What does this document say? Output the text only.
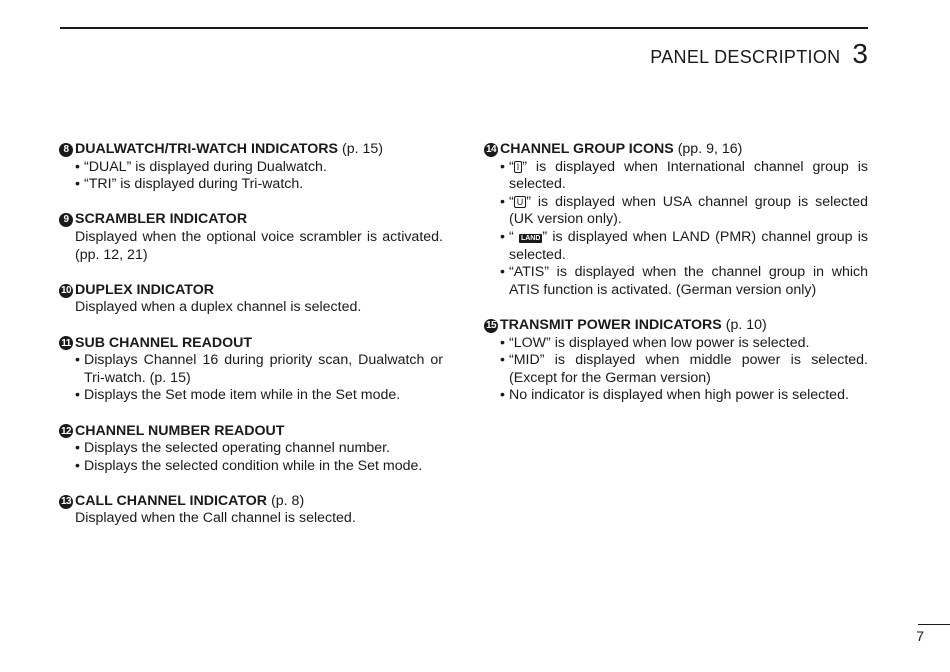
PANEL DESCRIPTION 3
8 DUALWATCH/TRI-WATCH INDICATORS (p. 15)
• “DUAL” is displayed during Dualwatch.
• “TRI” is displayed during Tri-watch.
9 SCRAMBLER INDICATOR
Displayed when the optional voice scrambler is activated. (pp. 12, 21)
10 DUPLEX INDICATOR
Displayed when a duplex channel is selected.
11 SUB CHANNEL READOUT
• Displays Channel 16 during priority scan, Dualwatch or Tri-watch. (p. 15)
• Displays the Set mode item while in the Set mode.
12 CHANNEL NUMBER READOUT
• Displays the selected operating channel number.
• Displays the selected condition while in the Set mode.
13 CALL CHANNEL INDICATOR (p. 8)
Displayed when the Call channel is selected.
14 CHANNEL GROUP ICONS (pp. 9, 16)
• “ I ” is displayed when International channel group is selected.
• “ U ” is displayed when USA channel group is selected (UK version only).
• “ LAND ” is displayed when LAND (PMR) channel group is selected.
• “ATIS” is displayed when the channel group in which ATIS function is activated. (German version only)
15 TRANSMIT POWER INDICATORS (p. 10)
• “LOW” is displayed when low power is selected.
• “MID” is displayed when middle power is selected. (Except for the German version)
• No indicator is displayed when high power is selected.
7
